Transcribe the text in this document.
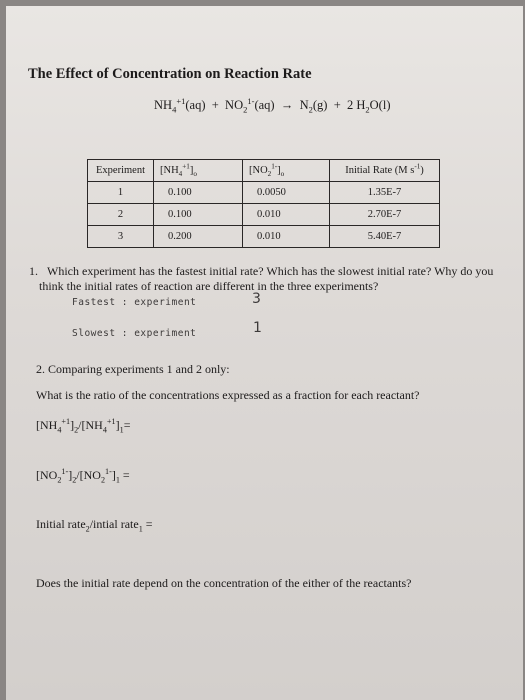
The Effect of Concentration on Reaction Rate
$NH_4^{+1}(aq) + NO_2^{1-}(aq) \to N_2(g) + 2$ $H_2O(l)$
Experiment	$[NH_4^{+1}]_o$	$[NO_2^{1-}]_o$	Initial Rate (M $s^{-1}$)
1	0.100	0.0050	1.35E-7
2	0.100	0.010	2.70E-7
3	0.200	0.010	5.40E-7
1. Which experiment has the fastest initial rate? Which has the slowest initial rate? Why do you think the initial rates of reaction are different in the three experiments?
Fastest : experiment	3
Slowest : experiment	1
2. Comparing experiments 1 and 2 only:
What is the ratio of the concentrations expressed as a fraction for each reactant?
$[NH_4^{+1}]_2/[NH_4^{+1}]_1=$
$[NO_2^{1-}]_2/[NO_2^{1-}]_1$ =
Initial rate$_2$/intial rate$_1$ =
Does the initial rate depend on the concentration of the either of the reactants?
